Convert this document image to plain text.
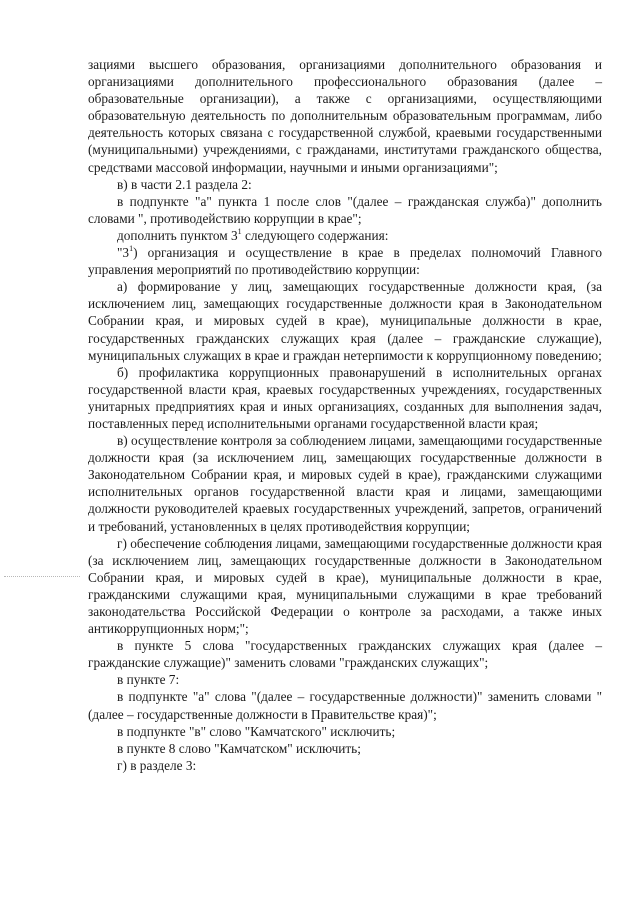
зациями высшего образования, организациями дополнительного образования и организациями дополнительного профессионального образования (далее – образовательные организации), а также с организациями, осуществляющими образовательную деятельность по дополнительным образовательным программам, либо деятельность которых связана с государственной службой, краевыми государственными (муниципальными) учреждениями, с гражданами, институтами гражданского общества, средствами массовой информации, научными и иными организациями";

в) в части 2.1 раздела 2:

в подпункте "а" пункта 1 после слов "(далее – гражданская служба)" дополнить словами ", противодействию коррупции в крае";

дополнить пунктом $3^1$ следующего содержания:

"$3^1$) организация и осуществление в крае в пределах полномочий Главного управления мероприятий по противодействию коррупции:

а) формирование у лиц, замещающих государственные должности края, (за исключением лиц, замещающих государственные должности края в Законодательном Собрании края, и мировых судей в крае), муниципальные должности в крае, государственных гражданских служащих края (далее – гражданские служащие), муниципальных служащих в крае и граждан нетерпимости к коррупционному поведению;

б) профилактика коррупционных правонарушений в исполнительных органах государственной власти края, краевых государственных учреждениях, государственных унитарных предприятиях края и иных организациях, созданных для выполнения задач, поставленных перед исполнительными органами государственной власти края;

в) осуществление контроля за соблюдением лицами, замещающими государственные должности края (за исключением лиц, замещающих государственные должности в Законодательном Собрании края, и мировых судей в крае), гражданскими служащими исполнительных органов государственной власти края и лицами, замещающими должности руководителей краевых государственных учреждений, запретов, ограничений и требований, установленных в целях противодействия коррупции;

г) обеспечение соблюдения лицами, замещающими государственные должности края (за исключением лиц, замещающих государственные должности в Законодательном Собрании края, и мировых судей в крае), муниципальные должности в крае, гражданскими служащими края, муниципальными служащими в крае требований законодательства Российской Федерации о контроле за расходами, а также иных антикоррупционных норм;";

в пункте 5 слова "государственных гражданских служащих края (далее – гражданские служащие)" заменить словами "гражданских служащих";

в пункте 7:

в подпункте "а" слова "(далее – государственные должности)" заменить словами "(далее – государственные должности в Правительстве края)";

в подпункте "в" слово "Камчатского" исключить;

в пункте 8 слово "Камчатском" исключить;

г) в разделе 3:
